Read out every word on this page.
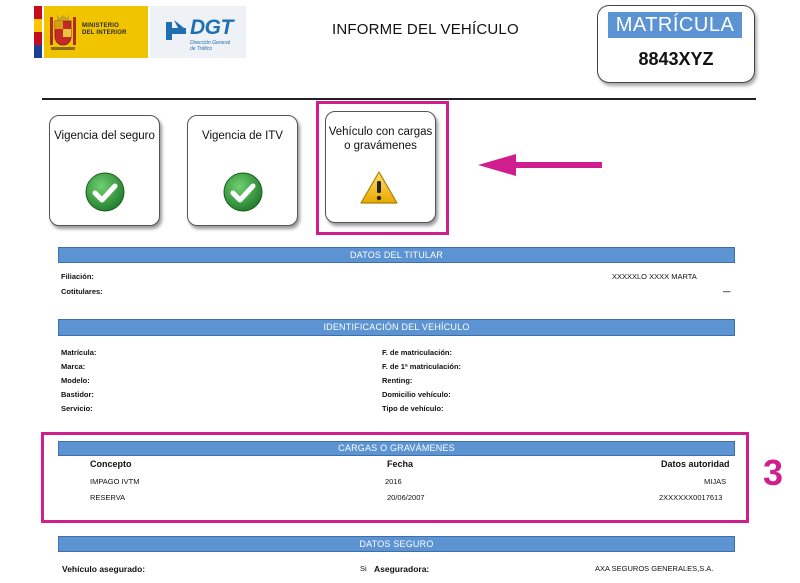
MINISTERIO
DEL INTERIOR	DGT
Dirección General
de Tráfico
INFORME DEL VEHÍCULO	MATRÍCULA
8843XYZ
Vigencia del seguro	Vigencia de ITV	Vehículo con cargas
o gravámenes
DATOS DEL TITULAR
Filiación:	XXXXXLO XXXX MARTA
Cotitulares:	—
IDENTIFICACIÓN DEL VEHÍCULO
Matrícula:	F. de matriculación:
Marca:	F. de 1ª matriculación:
Modelo:	Renting:
Bastidor:	Domicilio vehículo:
Servicio:	Tipo de vehículo:
CARGAS O GRAVÁMENES
Concepto	Fecha	Datos autoridad
IMPAGO IVTM	2016	MIJAS
RESERVA	20/06/2007	2XXXXXX0017613
3
DATOS SEGURO
Vehículo asegurado:	Si Aseguradora:	AXA SEGUROS GENERALES,S.A.
